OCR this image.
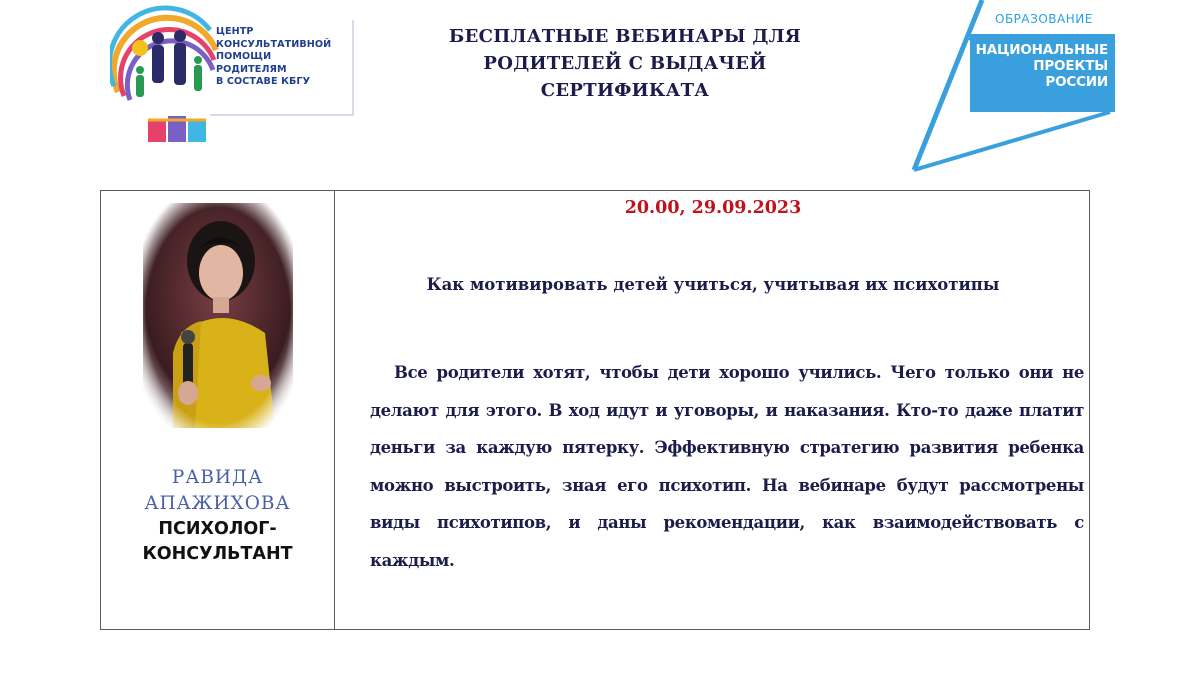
ЦЕНТР
КОНСУЛЬТАТИВНОЙ
ПОМОЩИ
РОДИТЕЛЯМ
В СОСТАВЕ КБГУ
БЕСПЛАТНЫЕ ВЕБИНАРЫ ДЛЯ
РОДИТЕЛЕЙ С ВЫДАЧЕЙ
СЕРТИФИКАТА
ОБРАЗОВАНИЕ
НАЦИОНАЛЬНЫЕ
ПРОЕКТЫ
РОССИИ
РАВИДА
АПАЖИХОВА
ПСИХОЛОГ-
КОНСУЛЬТАНТ
20.00, 29.09.2023
Как мотивировать детей учиться, учитывая их психотипы
Все родители хотят, чтобы дети хорошо учились. Чего только они не делают для этого. В ход идут и уговоры, и наказания. Кто-то даже платит деньги за каждую пятерку. Эффективную стратегию развития ребенка можно выстроить, зная его психотип. На вебинаре будут рассмотрены виды психотипов, и даны рекомендации, как взаимодействовать с каждым.
